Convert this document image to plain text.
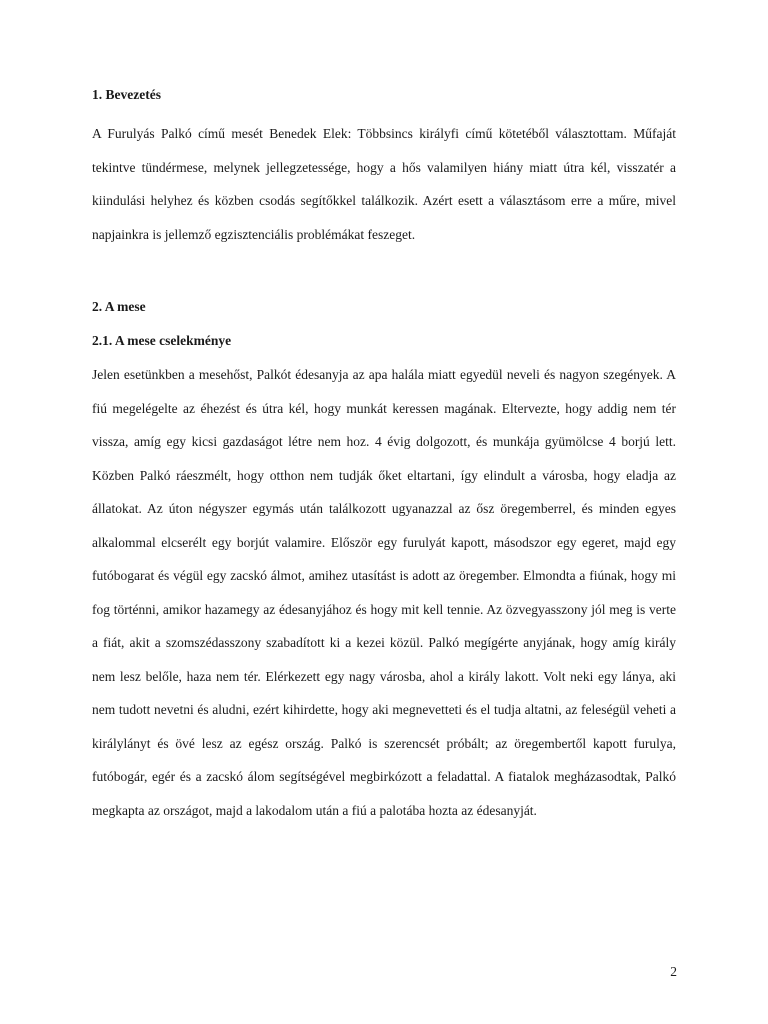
1. Bevezetés

A Furulyás Palkó című mesét Benedek Elek: Többsincs királyfi című kötetéből választottam. Műfaját tekintve tündérmese, melynek jellegzetessége, hogy a hős valamilyen hiány miatt útra kél, visszatér a kiindulási helyhez és közben csodás segítőkkel találkozik. Azért esett a választásom erre a műre, mivel napjainkra is jellemző egzisztenciális problémákat feszeget.

2. A mese
2.1. A mese cselekménye

Jelen esetünkben a mesehőst, Palkót édesanyja az apa halála miatt egyedül neveli és nagyon szegények. A fiú megelégelte az éhezést és útra kél, hogy munkát keressen magának. Eltervezte, hogy addig nem tér vissza, amíg egy kicsi gazdaságot létre nem hoz. 4 évig dolgozott, és munkája gyümölcse 4 borjú lett. Közben Palkó ráeszmélt, hogy otthon nem tudják őket eltartani, így elindult a városba, hogy eladja az állatokat. Az úton négyszer egymás után találkozott ugyanazzal az ősz öregemberrel, és minden egyes alkalommal elcserélt egy borjút valamire. Először egy furulyát kapott, másodszor egy egeret, majd egy futóbogarat és végül egy zacskó álmot, amihez utasítást is adott az öregember. Elmondta a fiúnak, hogy mi fog történni, amikor hazamegy az édesanyjához és hogy mit kell tennie. Az özvegyasszony jól meg is verte a fiát, akit a szomszédasszony szabadított ki a kezei közül. Palkó megígérte anyjának, hogy amíg király nem lesz belőle, haza nem tér. Elérkezett egy nagy városba, ahol a király lakott. Volt neki egy lánya, aki nem tudott nevetni és aludni, ezért kihirdette, hogy aki megnevetteti és el tudja altatni, az feleségül veheti a királylányt és övé lesz az egész ország. Palkó is szerencsét próbált; az öregembertől kapott furulya, futóbogár, egér és a zacskó álom segítségével megbirkózott a feladattal. A fiatalok megházasodtak, Palkó megkapta az országot, majd a lakodalom után a fiú a palotába hozta az édesanyját.

2
